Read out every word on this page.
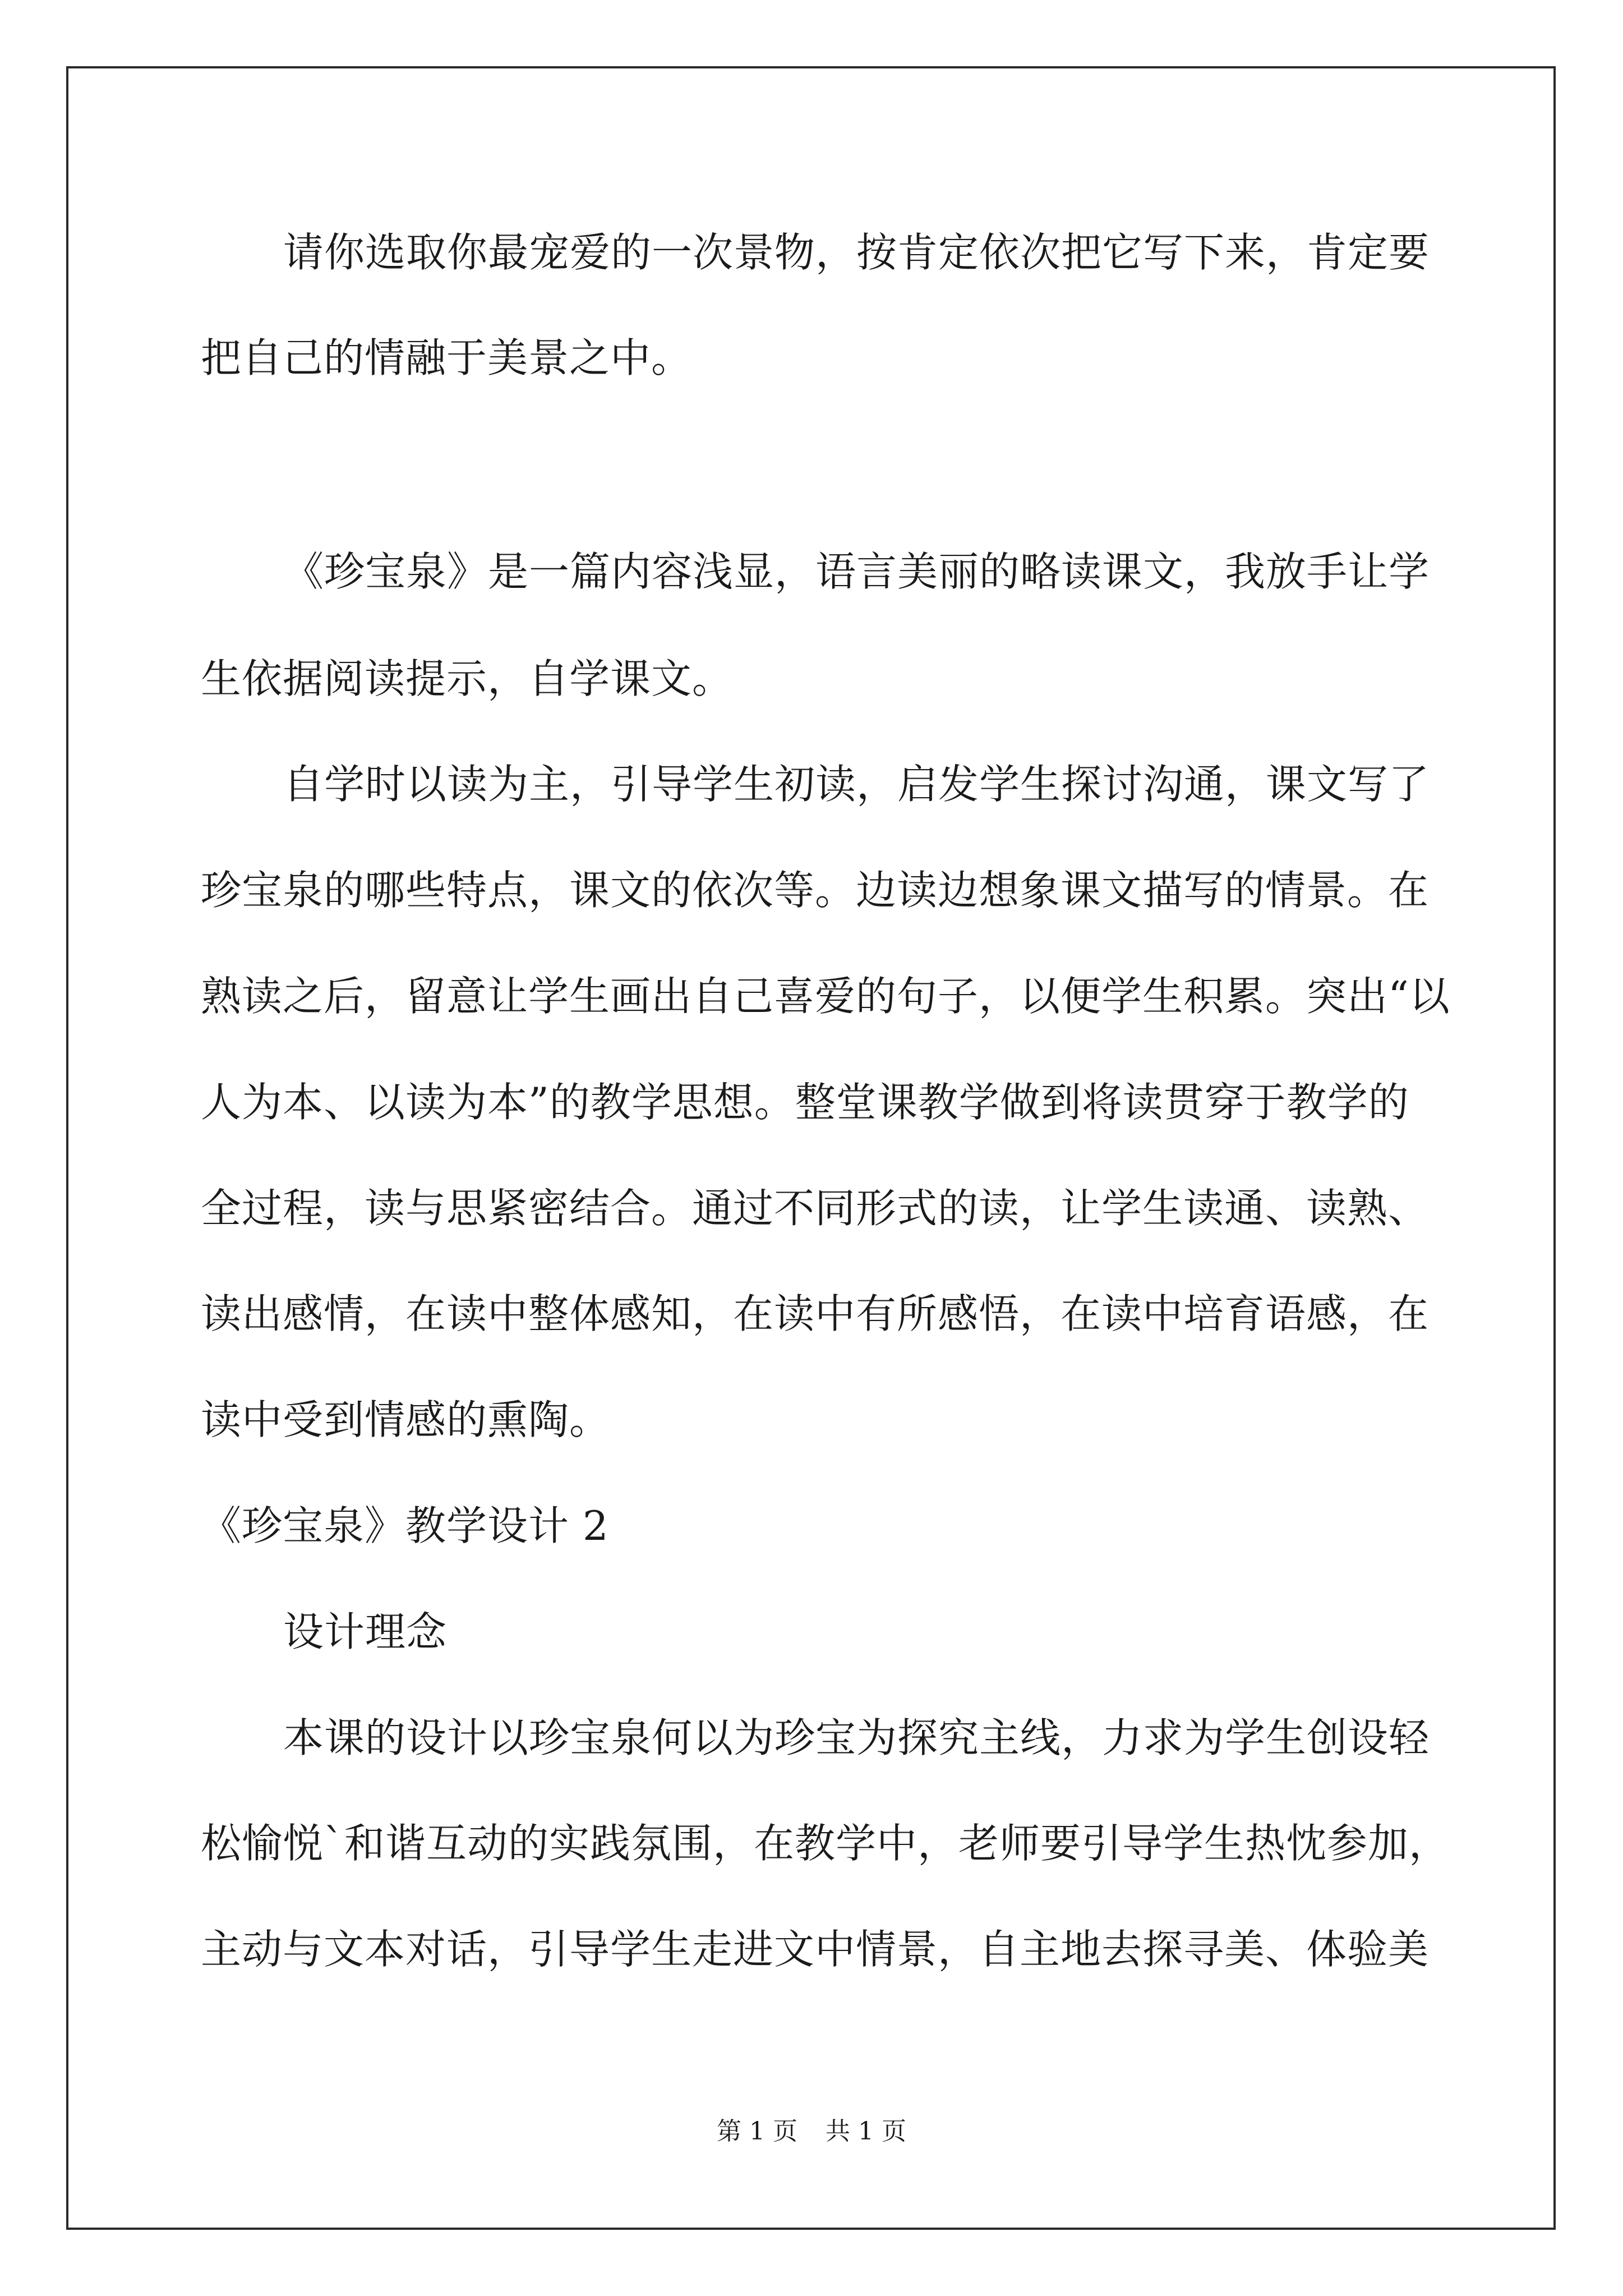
请你选取你最宠爱的一次景物，按肯定依次把它写下来，肯定要
把自己的情融于美景之中。
《珍宝泉》是一篇内容浅显，语言美丽的略读课文，我放手让学
生依据阅读提示，自学课文。
自学时以读为主，引导学生初读，启发学生探讨沟通，课文写了
珍宝泉的哪些特点，课文的依次等。边读边想象课文描写的情景。在
熟读之后，留意让学生画出自己喜爱的句子，以便学生积累。突出“以
人为本、以读为本”的教学思想。整堂课教学做到将读贯穿于教学的
全过程，读与思紧密结合。通过不同形式的读，让学生读通、读熟、
读出感情，在读中整体感知，在读中有所感悟，在读中培育语感，在
读中受到情感的熏陶。
《珍宝泉》教学设计 2
设计理念
本课的设计以珍宝泉何以为珍宝为探究主线，力求为学生创设轻
松愉悦`和谐互动的实践氛围，在教学中，老师要引导学生热忱参加，
主动与文本对话，引导学生走进文中情景，自主地去探寻美、体验美
第 1 页 共 1 页
